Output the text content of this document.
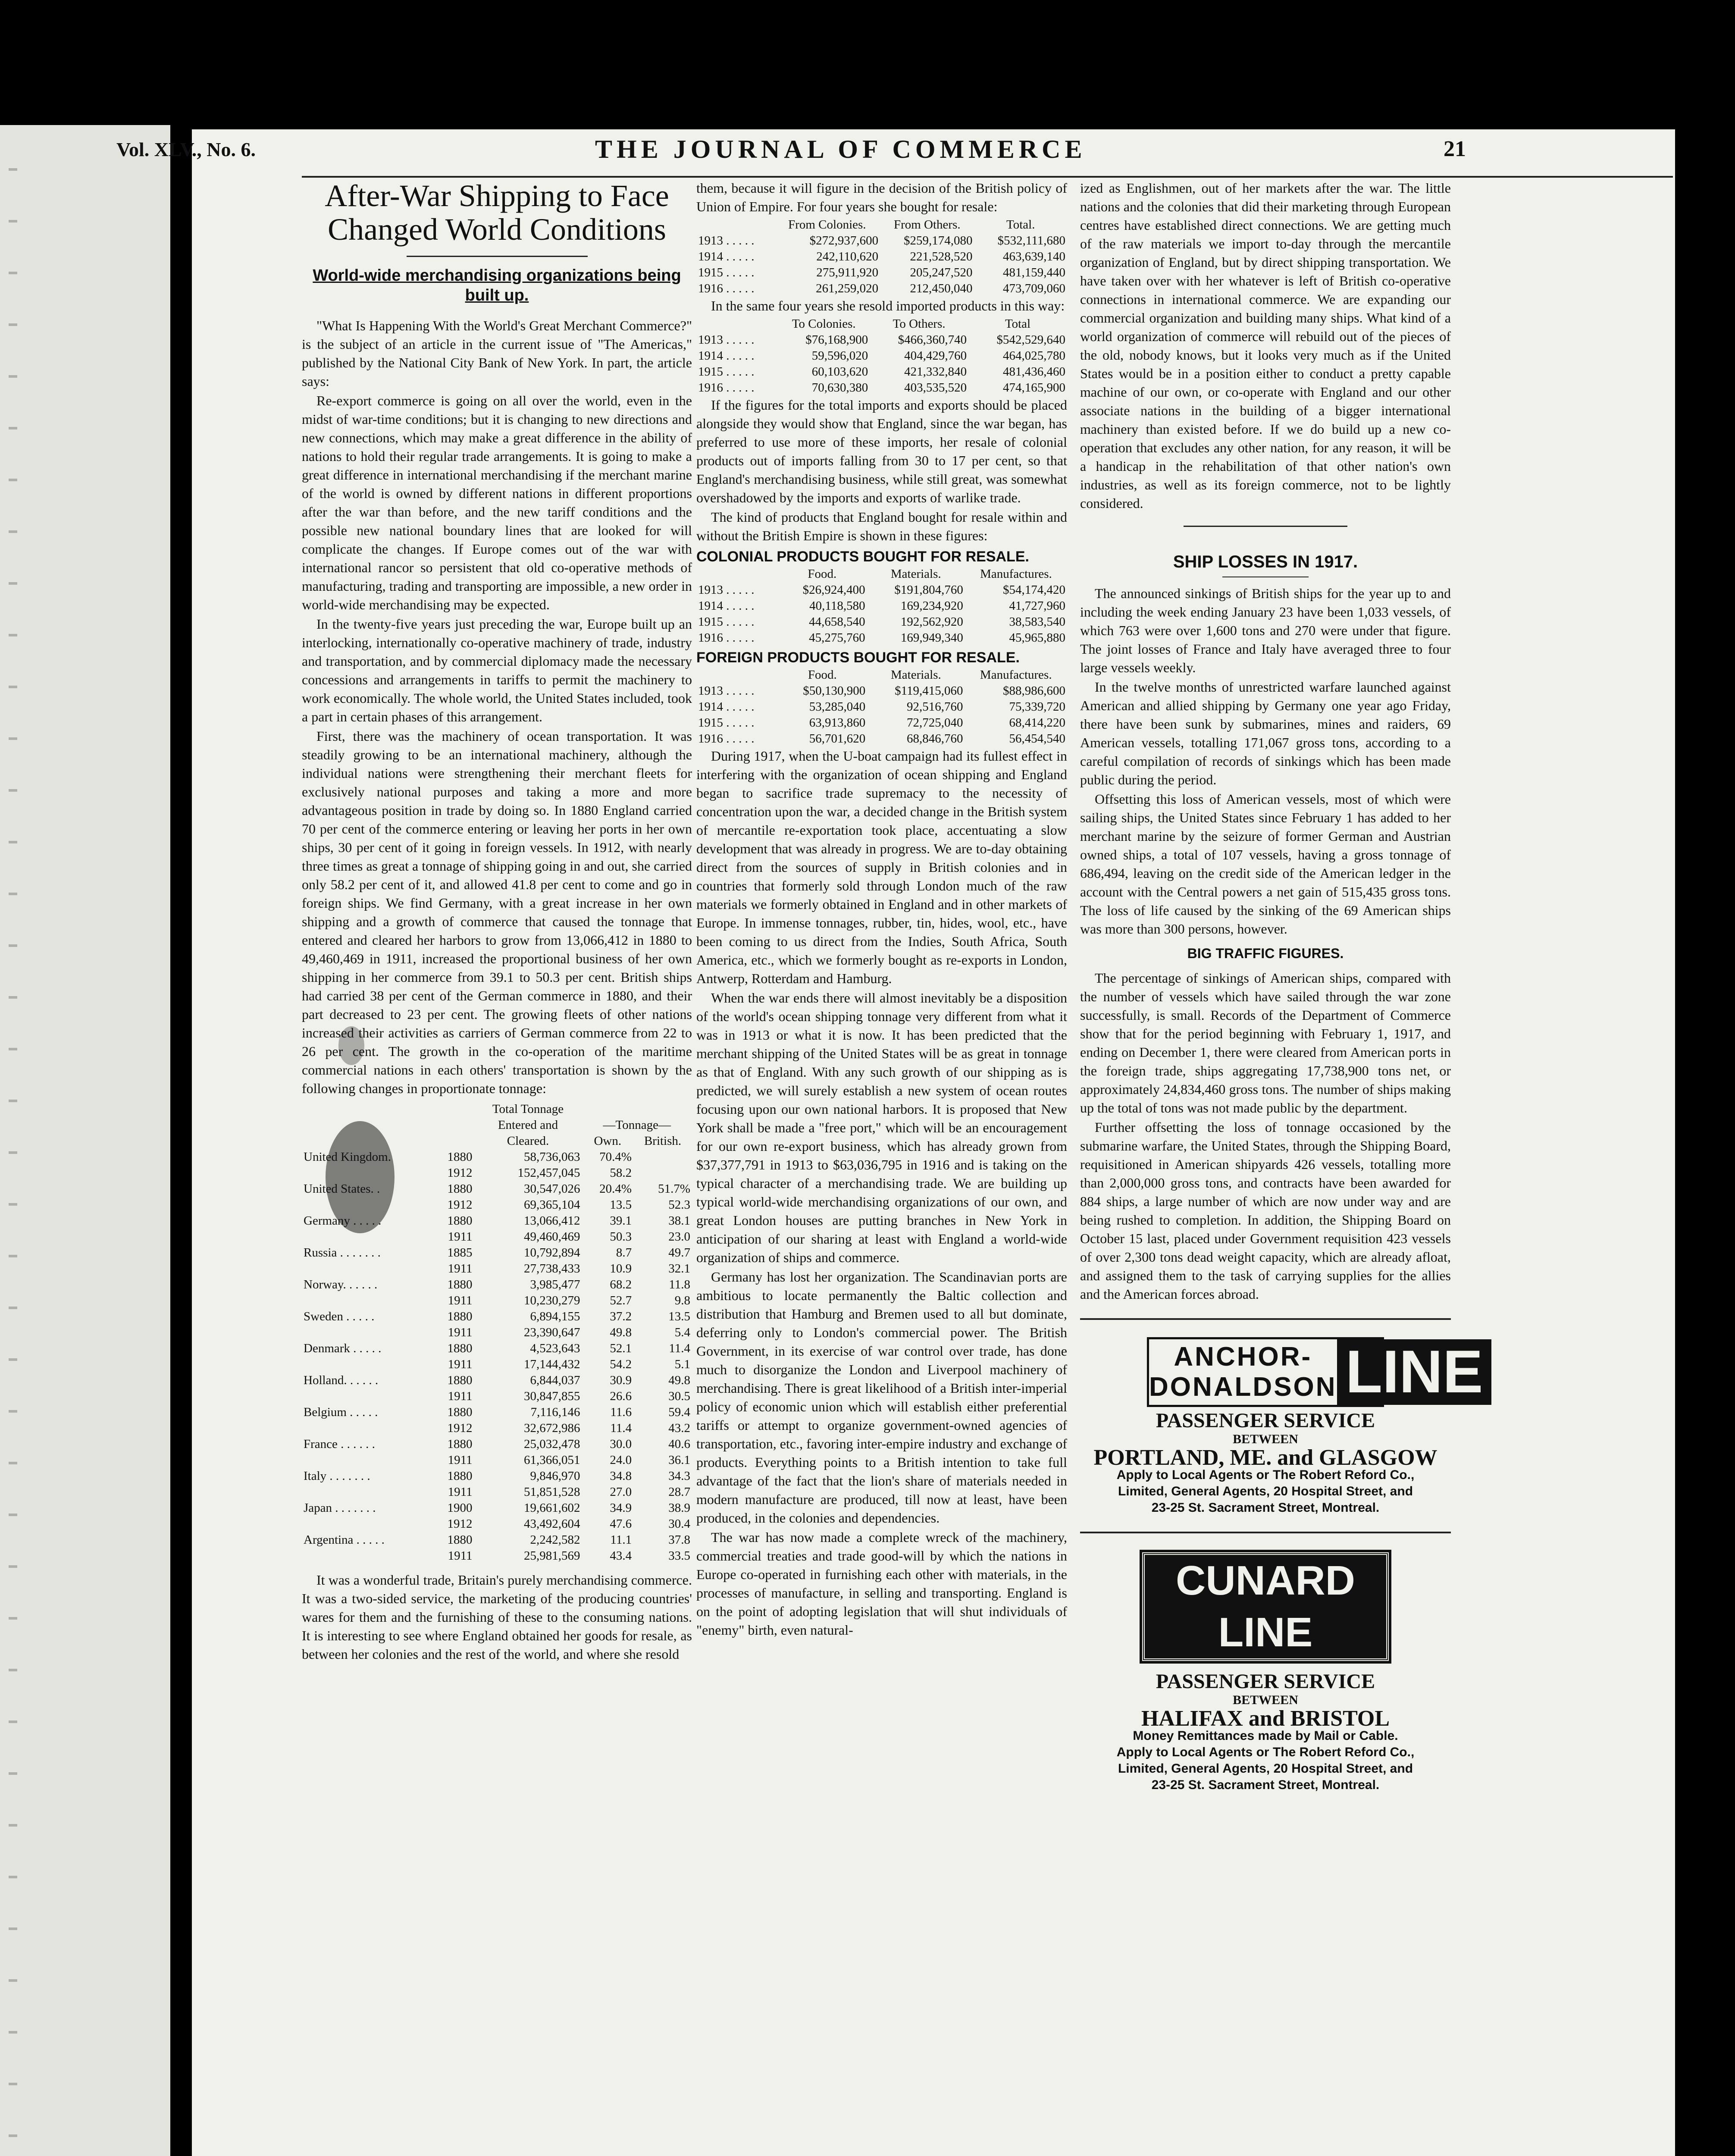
Vol. XLV., No. 6.	THE JOURNAL OF COMMERCE	21
After-War Shipping to Face
Changed World Conditions
World-wide merchandising organizations being
built up.

"What Is Happening With the World's Great Merchant Commerce?" is the subject of an article in the current issue of "The Americas," published by the National City Bank of New York. In part, the article says:

Re-export commerce is going on all over the world, even in the midst of war-time conditions; but it is changing to new directions and new connections, which may make a great difference in the ability of nations to hold their regular trade arrangements. It is going to make a great difference in international merchandising if the merchant marine of the world is owned by different nations in different proportions after the war than before, and the new tariff conditions and the possible new national boundary lines that are looked for will complicate the changes. If Europe comes out of the war with international rancor so persistent that old co-operative methods of manufacturing, trading and transporting are impossible, a new order in world-wide merchandising may be expected.

In the twenty-five years just preceding the war, Europe built up an interlocking, internationally co-operative machinery of trade, industry and transportation, and by commercial diplomacy made the necessary concessions and arrangements in tariffs to permit the machinery to work economically. The whole world, the United States included, took a part in certain phases of this arrangement.

First, there was the machinery of ocean transportation. It was steadily growing to be an international machinery, although the individual nations were strengthening their merchant fleets for exclusively national purposes and taking a more and more advantageous position in trade by doing so. In 1880 England carried 70 per cent of the commerce entering or leaving her ports in her own ships, 30 per cent of it going in foreign vessels. In 1912, with nearly three times as great a tonnage of shipping going in and out, she carried only 58.2 per cent of it, and allowed 41.8 per cent to come and go in foreign ships. We find Germany, with a great increase in her own shipping and a growth of commerce that caused the tonnage that entered and cleared her harbors to grow from 13,066,412 in 1880 to 49,460,469 in 1911, increased the proportional business of her own shipping in her commerce from 39.1 to 50.3 per cent. British ships had carried 38 per cent of the German commerce in 1880, and their part decreased to 23 per cent. The growing fleets of other nations increased their activities as carriers of German commerce from 22 to 26 per cent. The growth in the co-operation of the maritime commercial nations in each others' transportation is shown by the following changes in proportionate tonnage:

		Total Tonnage		
		Entered and	—Tonnage—	
		Cleared.	Own.	British.
United Kingdom.	1880	58,736,063	70.4%	
	1912	152,457,045	58.2	
United States. .	1880	30,547,026	20.4%	51.7%
	1912	69,365,104	13.5	52.3
Germany . . . . .	1880	13,066,412	39.1	38.1
	1911	49,460,469	50.3	23.0
Russia . . . . . . .	1885	10,792,894	8.7	49.7
	1911	27,738,433	10.9	32.1
Norway. . . . . .	1880	3,985,477	68.2	11.8
	1911	10,230,279	52.7	9.8
Sweden . . . . .	1880	6,894,155	37.2	13.5
	1911	23,390,647	49.8	5.4
Denmark . . . . .	1880	4,523,643	52.1	11.4
	1911	17,144,432	54.2	5.1
Holland. . . . . .	1880	6,844,037	30.9	49.8
	1911	30,847,855	26.6	30.5
Belgium . . . . .	1880	7,116,146	11.6	59.4
	1912	32,672,986	11.4	43.2
France . . . . . .	1880	25,032,478	30.0	40.6
	1911	61,366,051	24.0	36.1
Italy . . . . . . .	1880	9,846,970	34.8	34.3
	1911	51,851,528	27.0	28.7
Japan . . . . . . .	1900	19,661,602	34.9	38.9
	1912	43,492,604	47.6	30.4
Argentina . . . . .	1880	2,242,582	11.1	37.8
	1911	25,981,569	43.4	33.5

It was a wonderful trade, Britain's purely merchandising commerce. It was a two-sided service, the marketing of the producing countries' wares for them and the furnishing of these to the consuming nations. It is interesting to see where England obtained her goods for resale, as between her colonies and the rest of the world, and where she resold

them, because it will figure in the decision of the British policy of Union of Empire. For four years she bought for resale:

	From Colonies.	From Others.	Total.
1913 . . . . .	$272,937,600	$259,174,080	$532,111,680
1914 . . . . .	242,110,620	221,528,520	463,639,140
1915 . . . . .	275,911,920	205,247,520	481,159,440
1916 . . . . .	261,259,020	212,450,040	473,709,060

In the same four years she resold imported products in this way:

	To Colonies.	To Others.	Total
1913 . . . . .	$76,168,900	$466,360,740	$542,529,640
1914 . . . . .	59,596,020	404,429,760	464,025,780
1915 . . . . .	60,103,620	421,332,840	481,436,460
1916 . . . . .	70,630,380	403,535,520	474,165,900

If the figures for the total imports and exports should be placed alongside they would show that England, since the war began, has preferred to use more of these imports, her resale of colonial products out of imports falling from 30 to 17 per cent, so that England's merchandising business, while still great, was somewhat overshadowed by the imports and exports of warlike trade.

The kind of products that England bought for resale within and without the British Empire is shown in these figures:

COLONIAL PRODUCTS BOUGHT FOR RESALE.
	Food.	Materials.	Manufactures.
1913 . . . . .	$26,924,400	$191,804,760	$54,174,420
1914 . . . . .	40,118,580	169,234,920	41,727,960
1915 . . . . .	44,658,540	192,562,920	38,583,540
1916 . . . . .	45,275,760	169,949,340	45,965,880
FOREIGN PRODUCTS BOUGHT FOR RESALE.
	Food.	Materials.	Manufactures.
1913 . . . . .	$50,130,900	$119,415,060	$88,986,600
1914 . . . . .	53,285,040	92,516,760	75,339,720
1915 . . . . .	63,913,860	72,725,040	68,414,220
1916 . . . . .	56,701,620	68,846,760	56,454,540

During 1917, when the U-boat campaign had its fullest effect in interfering with the organization of ocean shipping and England began to sacrifice trade supremacy to the necessity of concentration upon the war, a decided change in the British system of mercantile re-exportation took place, accentuating a slow development that was already in progress. We are to-day obtaining direct from the sources of supply in British colonies and in countries that formerly sold through London much of the raw materials we formerly obtained in England and in other markets of Europe. In immense tonnages, rubber, tin, hides, wool, etc., have been coming to us direct from the Indies, South Africa, South America, etc., which we formerly bought as re-exports in London, Antwerp, Rotterdam and Hamburg.

When the war ends there will almost inevitably be a disposition of the world's ocean shipping tonnage very different from what it was in 1913 or what it is now. It has been predicted that the merchant shipping of the United States will be as great in tonnage as that of England. With any such growth of our shipping as is predicted, we will surely establish a new system of ocean routes focusing upon our own national harbors. It is proposed that New York shall be made a "free port," which will be an encouragement for our own re-export business, which has already grown from $37,377,791 in 1913 to $63,036,795 in 1916 and is taking on the typical character of a merchandising trade. We are building up typical world-wide merchandising organizations of our own, and great London houses are putting branches in New York in anticipation of our sharing at least with England a world-wide organization of ships and commerce.

Germany has lost her organization. The Scandinavian ports are ambitious to locate permanently the Baltic collection and distribution that Hamburg and Bremen used to all but dominate, deferring only to London's commercial power. The British Government, in its exercise of war control over trade, has done much to disorganize the London and Liverpool machinery of merchandising. There is great likelihood of a British inter-imperial policy of economic union which will establish either preferential tariffs or attempt to organize government-owned agencies of transportation, etc., favoring inter-empire industry and exchange of products. Everything points to a British intention to take full advantage of the fact that the lion's share of materials needed in modern manufacture are produced, till now at least, have been produced, in the colonies and dependencies.

The war has now made a complete wreck of the machinery, commercial treaties and trade good-will by which the nations in Europe co-operated in furnishing each other with materials, in the processes of manufacture, in selling and transporting. England is on the point of adopting legislation that will shut individuals of "enemy" birth, even natural-

ized as Englishmen, out of her markets after the war. The little nations and the colonies that did their marketing through European centres have established direct connections. We are getting much of the raw materials we import to-day through the mercantile organization of England, but by direct shipping transportation. We have taken over with her whatever is left of British co-operative connections in international commerce. We are expanding our commercial organization and building many ships. What kind of a world organization of commerce will rebuild out of the pieces of the old, nobody knows, but it looks very much as if the United States would be in a position either to conduct a pretty capable machine of our own, or co-operate with England and our other associate nations in the building of a bigger international machinery than existed before. If we do build up a new co-operation that excludes any other nation, for any reason, it will be a handicap in the rehabilitation of that other nation's own industries, as well as its foreign commerce, not to be lightly considered.

SHIP LOSSES IN 1917.

The announced sinkings of British ships for the year up to and including the week ending January 23 have been 1,033 vessels, of which 763 were over 1,600 tons and 270 were under that figure. The joint losses of France and Italy have averaged three to four large vessels weekly.

In the twelve months of unrestricted warfare launched against American and allied shipping by Germany one year ago Friday, there have been sunk by submarines, mines and raiders, 69 American vessels, totalling 171,067 gross tons, according to a careful compilation of records of sinkings which has been made public during the period.

Offsetting this loss of American vessels, most of which were sailing ships, the United States since February 1 has added to her merchant marine by the seizure of former German and Austrian owned ships, a total of 107 vessels, having a gross tonnage of 686,494, leaving on the credit side of the American ledger in the account with the Central powers a net gain of 515,435 gross tons. The loss of life caused by the sinking of the 69 American ships was more than 300 persons, however.

BIG TRAFFIC FIGURES.

The percentage of sinkings of American ships, compared with the number of vessels which have sailed through the war zone successfully, is small. Records of the Department of Commerce show that for the period beginning with February 1, 1917, and ending on December 1, there were cleared from American ports in the foreign trade, ships aggregating 17,738,900 tons net, or approximately 24,834,460 gross tons. The number of ships making up the total of tons was not made public by the department.

Further offsetting the loss of tonnage occasioned by the submarine warfare, the United States, through the Shipping Board, requisitioned in American shipyards 426 vessels, totalling more than 2,000,000 gross tons, and contracts have been awarded for 884 ships, a large number of which are now under way and are being rushed to completion. In addition, the Shipping Board on October 15 last, placed under Government requisition 423 vessels of over 2,300 tons dead weight capacity, which are already afloat, and assigned them to the task of carrying supplies for the allies and the American forces abroad.

ANCHOR-
DONALDSON LINE
PASSENGER SERVICE
BETWEEN
PORTLAND, ME. and GLASGOW
Apply to Local Agents or The Robert Reford Co.,
Limited, General Agents, 20 Hospital Street, and
23-25 St. Sacrament Street, Montreal.
CUNARD LINE
PASSENGER SERVICE
BETWEEN
HALIFAX and BRISTOL
Money Remittances made by Mail or Cable.
Apply to Local Agents or The Robert Reford Co.,
Limited, General Agents, 20 Hospital Street, and
23-25 St. Sacrament Street, Montreal.
